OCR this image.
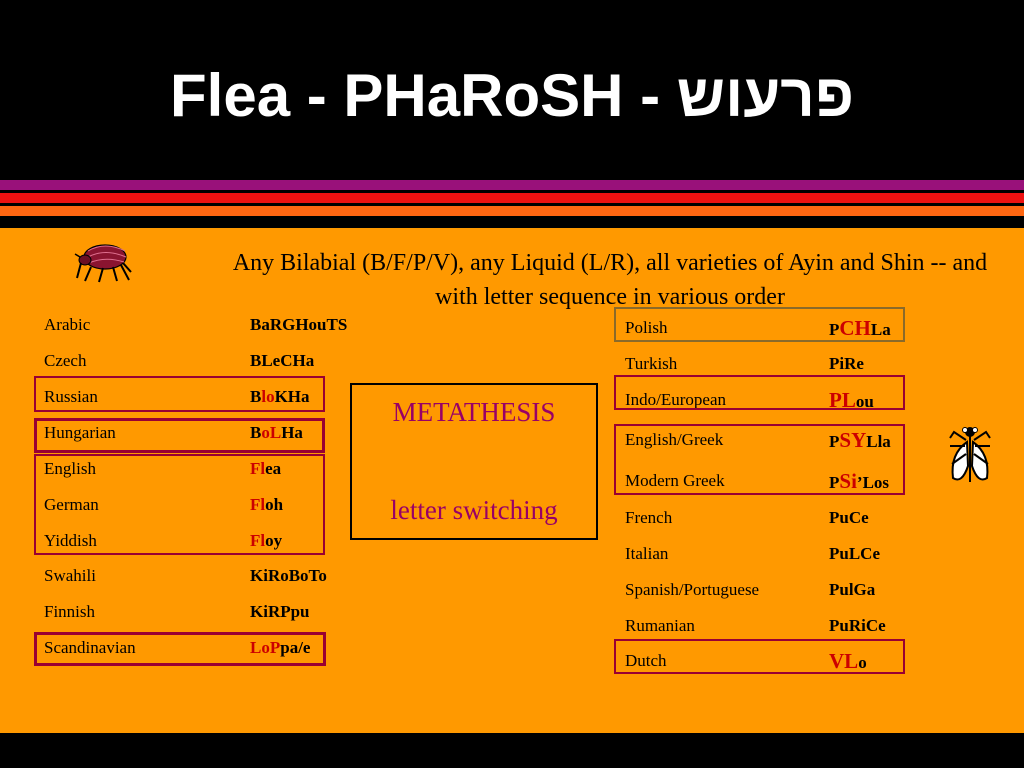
Flea - PHaRoSH - פרעוש
Any Bilabial (B/F/P/V), any Liquid (L/R), all varieties of Ayin and Shin -- and with letter sequence in various order
Arabic	BaRGHouTS
Czech	BLeCHa
Russian	BloKHa
Hungarian	BoLHa
English	Flea
German	Floh
Yiddish	Floy
Swahili	KiRoBoTo
Finnish	KiRPpu
Scandinavian	LoPpa/e
METATHESIS
letter switching
Polish	PCHLa
Turkish	PiRe
Indo/European	PLou
English/Greek	PSYLla
Modern Greek	PSi’Los
French	PuCe
Italian	PuLCe
Spanish/Portuguese	PulGa
Rumanian	PuRiCe
Dutch	VLo
